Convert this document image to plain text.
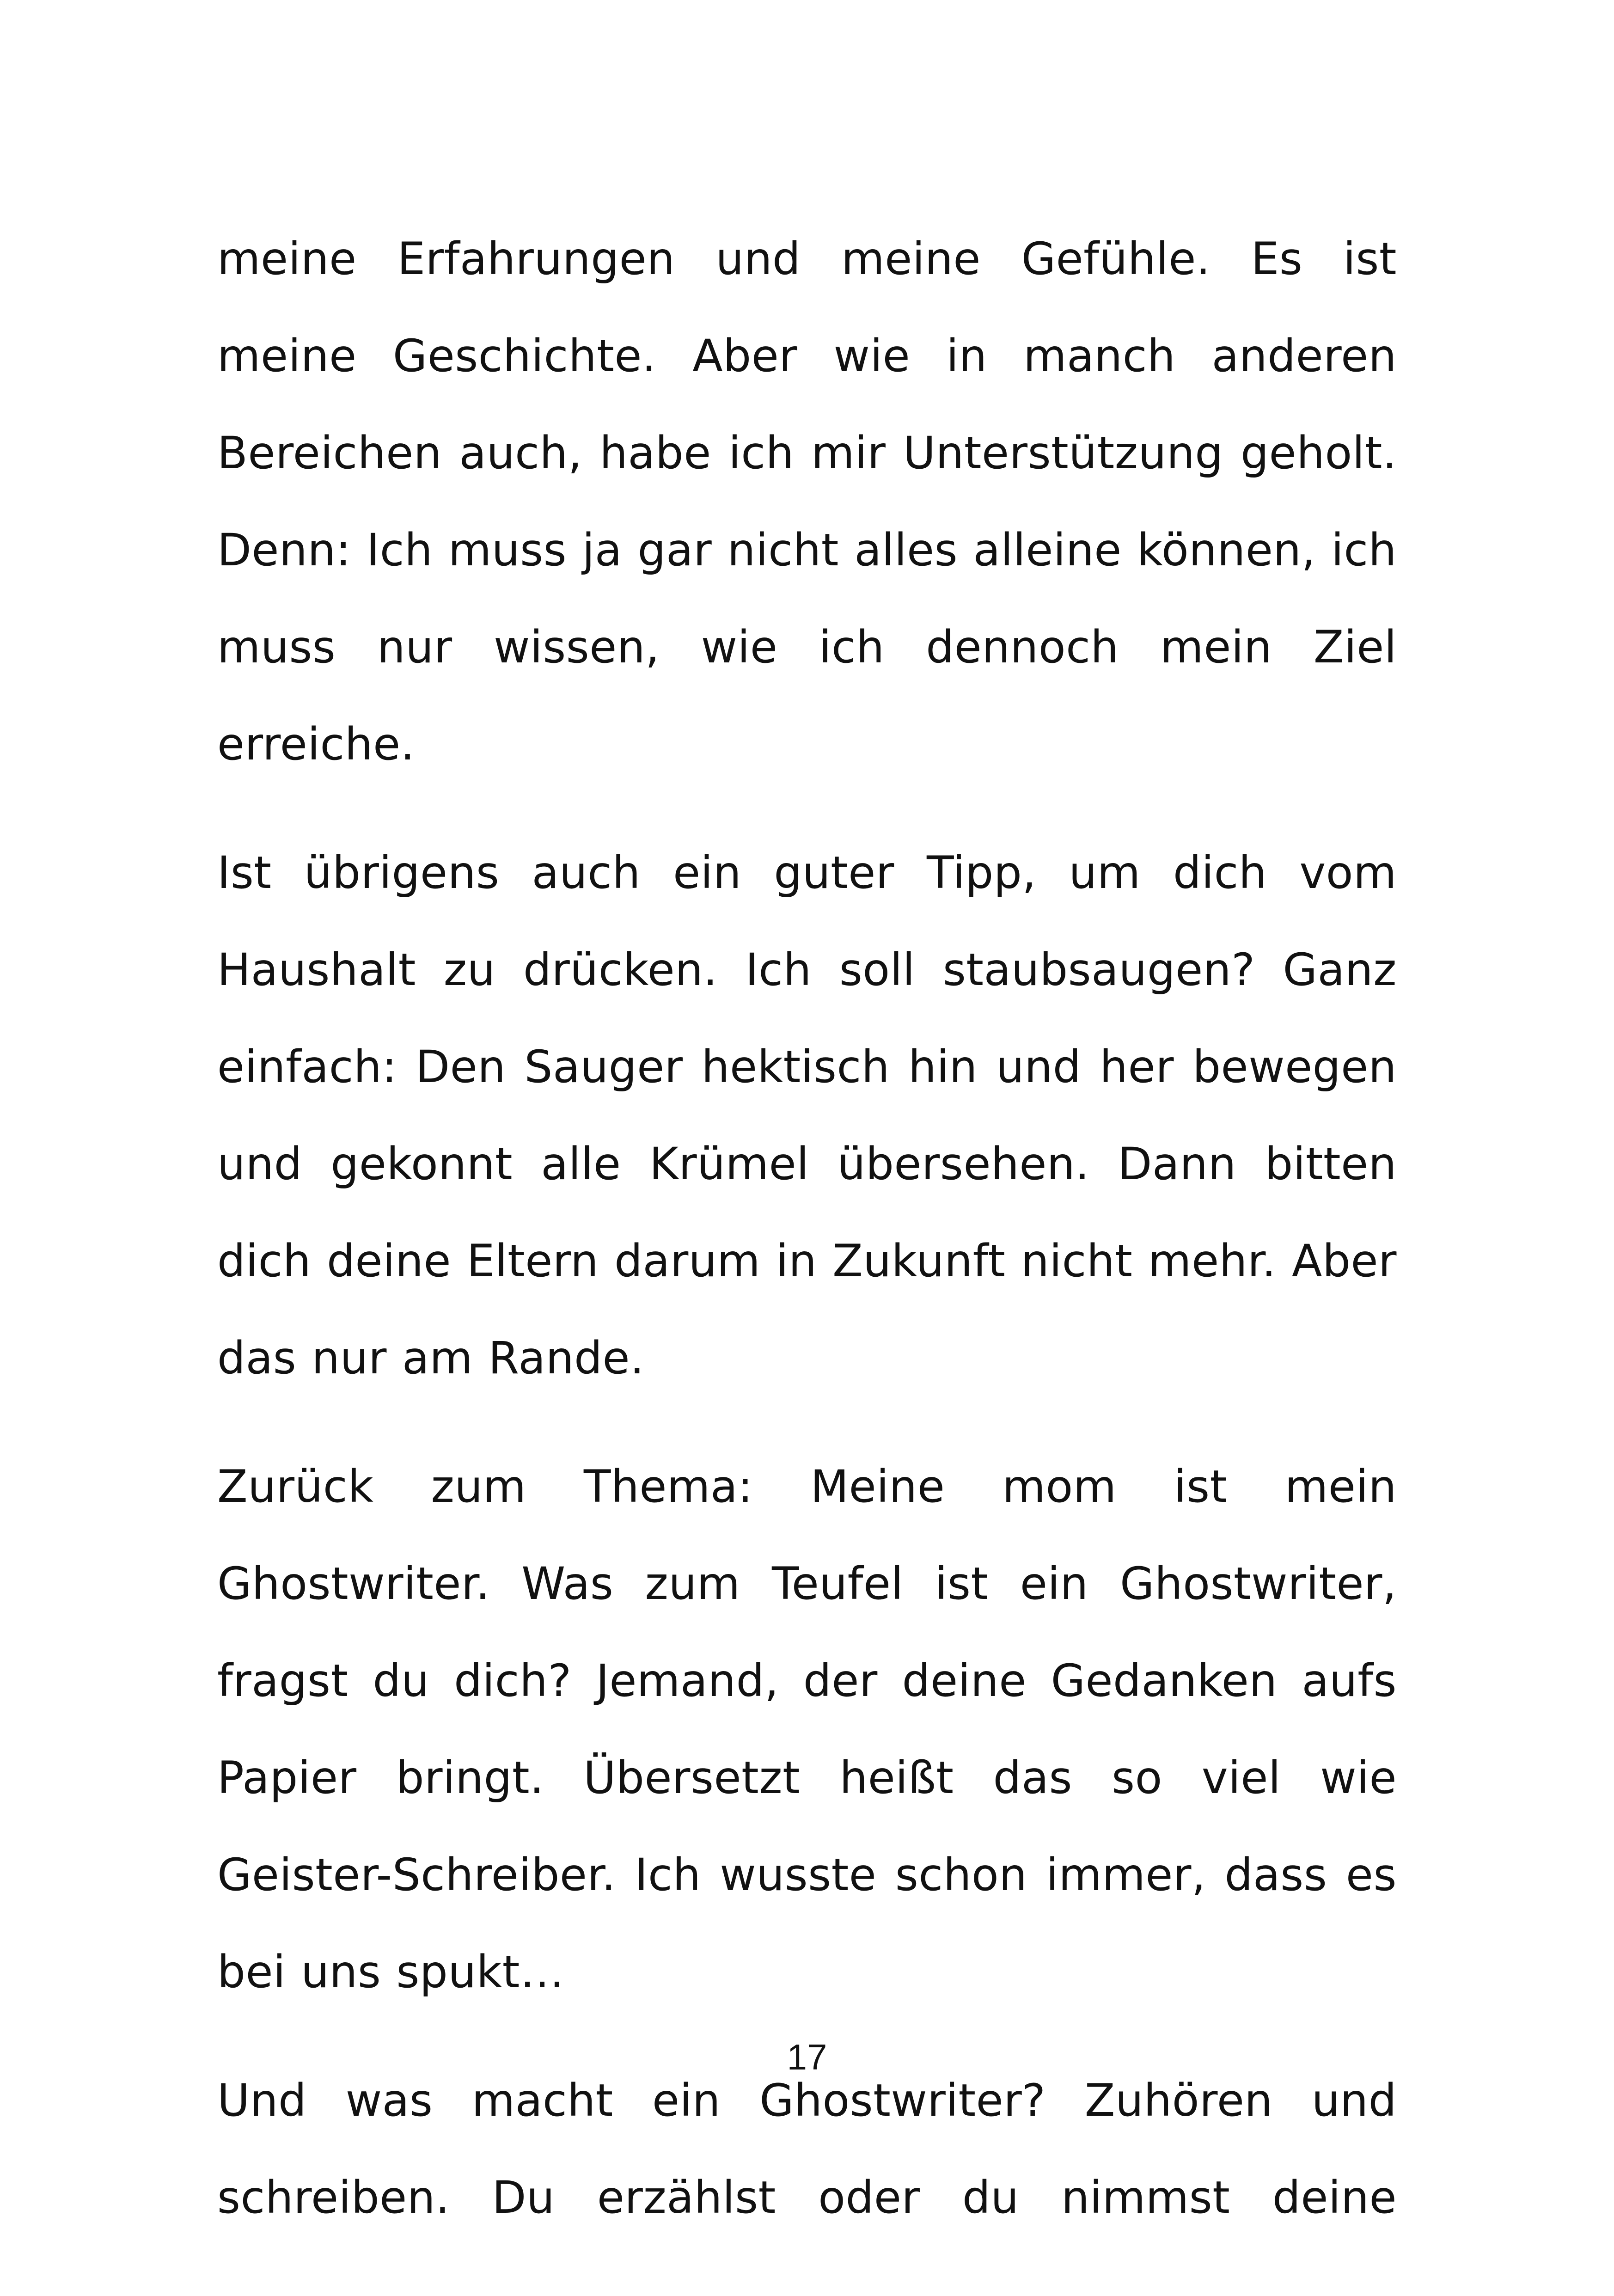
meine Erfahrungen und meine Gefühle. Es ist meine Geschichte. Aber wie in manch anderen Bereichen auch, habe ich mir Unterstützung geholt. Denn: Ich muss ja gar nicht alles alleine können, ich muss nur wissen, wie ich dennoch mein Ziel erreiche.

Ist übrigens auch ein guter Tipp, um dich vom Haushalt zu drücken. Ich soll staubsaugen? Ganz einfach: Den Sauger hektisch hin und her bewegen und gekonnt alle Krümel übersehen. Dann bitten dich deine Eltern darum in Zukunft nicht mehr. Aber das nur am Rande.

Zurück zum Thema: Meine mom ist mein Ghostwriter. Was zum Teufel ist ein Ghostwriter, fragst du dich? Jemand, der deine Gedanken aufs Papier bringt. Übersetzt heißt das so viel wie Geister-Schreiber. Ich wusste schon immer, dass es bei uns spukt…

Und was macht ein Ghostwriter? Zuhören und schreiben. Du erzählst oder du nimmst deine

17
